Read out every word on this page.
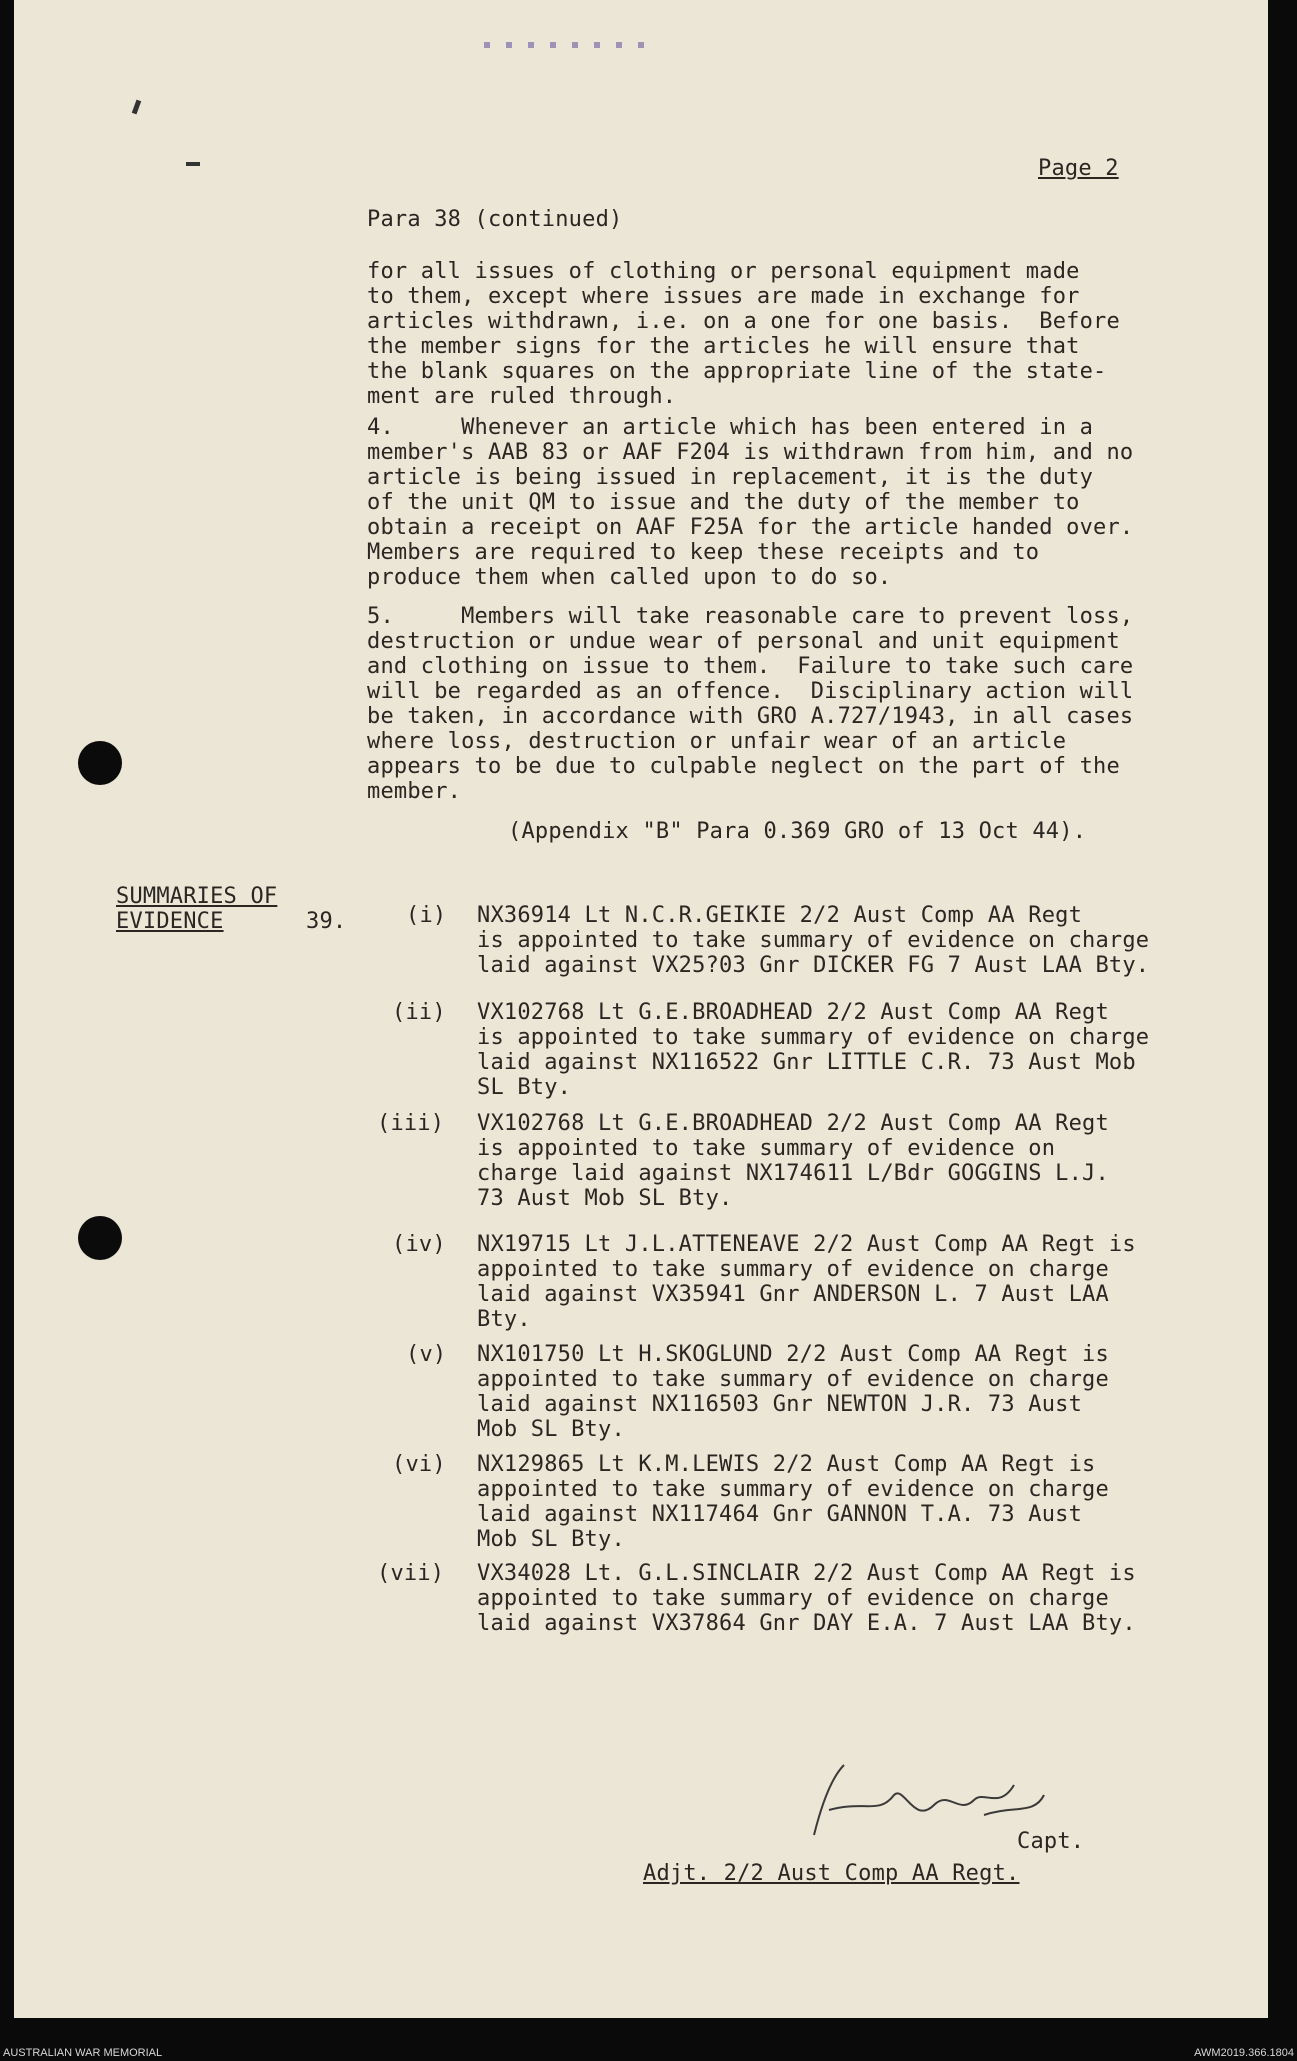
Page 2
Para 38 (continued)
for all issues of clothing or personal equipment made
to them, except where issues are made in exchange for
articles withdrawn, i.e. on a one for one basis.  Before
the member signs for the articles he will ensure that
the blank squares on the appropriate line of the state-
ment are ruled through.
4.     Whenever an article which has been entered in a
member's AAB 83 or AAF F204 is withdrawn from him, and no
article is being issued in replacement, it is the duty
of the unit QM to issue and the duty of the member to
obtain a receipt on AAF F25A for the article handed over.
Members are required to keep these receipts and to
produce them when called upon to do so.
5.     Members will take reasonable care to prevent loss,
destruction or undue wear of personal and unit equipment
and clothing on issue to them.  Failure to take such care
will be regarded as an offence.  Disciplinary action will
be taken, in accordance with GRO A.727/1943, in all cases
where loss, destruction or unfair wear of an article
appears to be due to culpable neglect on the part of the
member.
(Appendix "B" Para 0.369 GRO of 13 Oct 44).
SUMMARIES OF
EVIDENCE	39.	(i) NX36914 Lt N.C.R.GEIKIE 2/2 Aust Comp AA Regt
is appointed to take summary of evidence on charge
laid against VX25?03 Gnr DICKER FG 7 Aust LAA Bty.
(ii) VX102768 Lt G.E.BROADHEAD 2/2 Aust Comp AA Regt
is appointed to take summary of evidence on charge
laid against NX116522 Gnr LITTLE C.R. 73 Aust Mob
SL Bty.
(iii) VX102768 Lt G.E.BROADHEAD 2/2 Aust Comp AA Regt
is appointed to take summary of evidence on
charge laid against NX174611 L/Bdr GOGGINS L.J.
73 Aust Mob SL Bty.
(iv) NX19715 Lt J.L.ATTENEAVE 2/2 Aust Comp AA Regt is
appointed to take summary of evidence on charge
laid against VX35941 Gnr ANDERSON L. 7 Aust LAA
Bty.
(v) NX101750 Lt H.SKOGLUND 2/2 Aust Comp AA Regt is
appointed to take summary of evidence on charge
laid against NX116503 Gnr NEWTON J.R. 73 Aust
Mob SL Bty.
(vi) NX129865 Lt K.M.LEWIS 2/2 Aust Comp AA Regt is
appointed to take summary of evidence on charge
laid against NX117464 Gnr GANNON T.A. 73 Aust
Mob SL Bty.
(vii) VX34028 Lt. G.L.SINCLAIR 2/2 Aust Comp AA Regt is
appointed to take summary of evidence on charge
laid against VX37864 Gnr DAY E.A. 7 Aust LAA Bty.
Capt.
Adjt. 2/2 Aust Comp AA Regt.
AUSTRALIAN WAR MEMORIAL	AWM2019.366.1804
